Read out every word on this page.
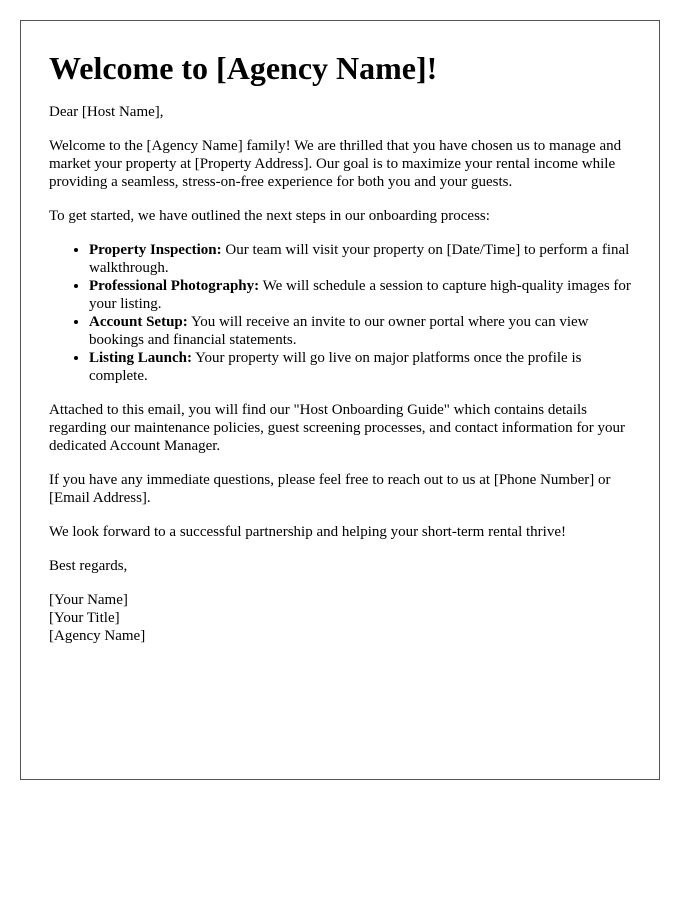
Welcome to [Agency Name]!

Dear [Host Name],

Welcome to the [Agency Name] family! We are thrilled that you have chosen us to manage and market your property at [Property Address]. Our goal is to maximize your rental income while providing a seamless, stress-on-free experience for both you and your guests.

To get started, we have outlined the next steps in our onboarding process:

• Property Inspection: Our team will visit your property on [Date/Time] to perform a final walkthrough.
• Professional Photography: We will schedule a session to capture high-quality images for your listing.
• Account Setup: You will receive an invite to our owner portal where you can view bookings and financial statements.
• Listing Launch: Your property will go live on major platforms once the profile is complete.

Attached to this email, you will find our "Host Onboarding Guide" which contains details regarding our maintenance policies, guest screening processes, and contact information for your dedicated Account Manager.

If you have any immediate questions, please feel free to reach out to us at [Phone Number] or [Email Address].

We look forward to a successful partnership and helping your short-term rental thrive!

Best regards,

[Your Name]
[Your Title]
[Agency Name]
